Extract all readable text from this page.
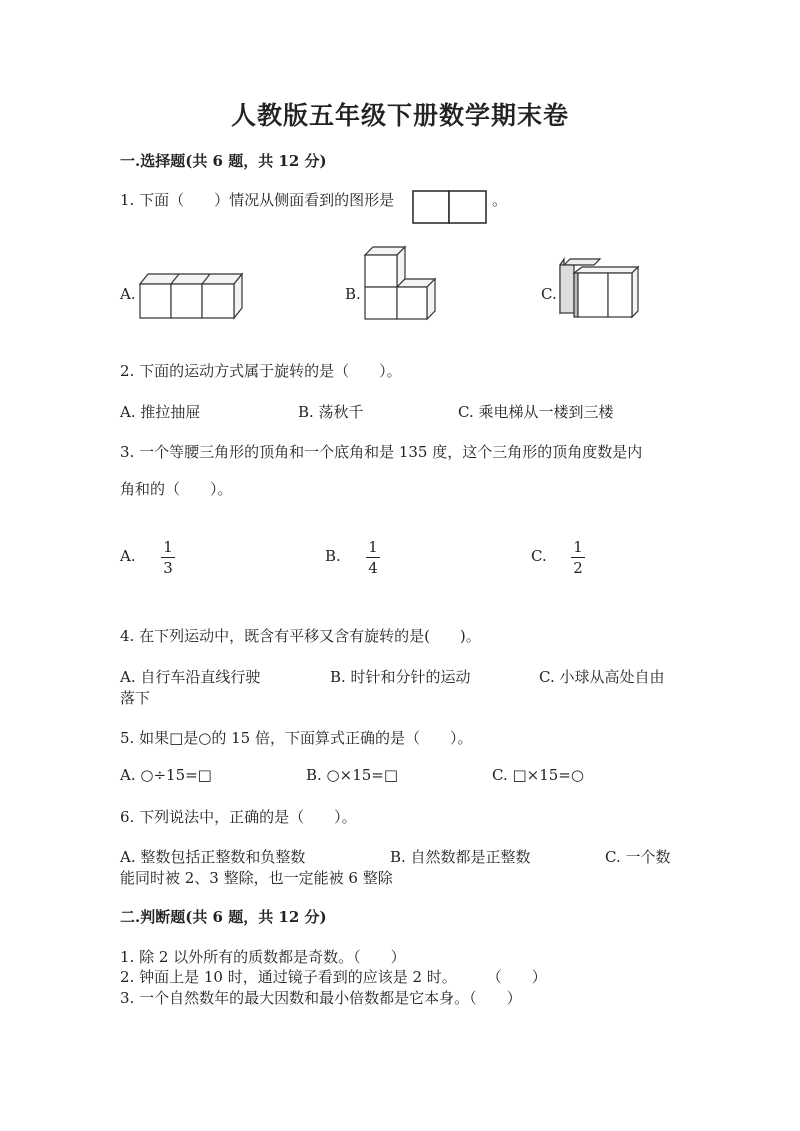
人教版五年级下册数学期末卷
一.选择题(共 6 题，共 12 分)
1. 下面（　　）情况从侧面看到的图形是	。
A.	B.	C.
2. 下面的运动方式属于旋转的是（　　）。
A. 推拉抽屉	B. 荡秋千	C. 乘电梯从一楼到三楼
3. 一个等腰三角形的顶角和一个底角和是 135 度，这个三角形的顶角度数是内
角和的（　　）。
A.	1
3
B.	1
4
C.	1
2
4. 在下列运动中，既含有平移又含有旋转的是(　　)。
A. 自行车沿直线行驶	B. 时针和分针的运动	C. 小球从高处自由
落下
5. 如果□是○的 15 倍，下面算式正确的是（　　）。
A. ○÷15=□	B. ○×15=□	C. □×15=○
6. 下列说法中，正确的是（　　）。
A. 整数包括正整数和负整数	B. 自然数都是正整数	C. 一个数
能同时被 2、3 整除，也一定能被 6 整除
二.判断题(共 6 题，共 12 分)
1. 除 2 以外所有的质数都是奇数。（　　）
2. 钟面上是 10 时，通过镜子看到的应该是 2 时。　　　（　　）
3. 一个自然数年的最大因数和最小倍数都是它本身。（　　）
